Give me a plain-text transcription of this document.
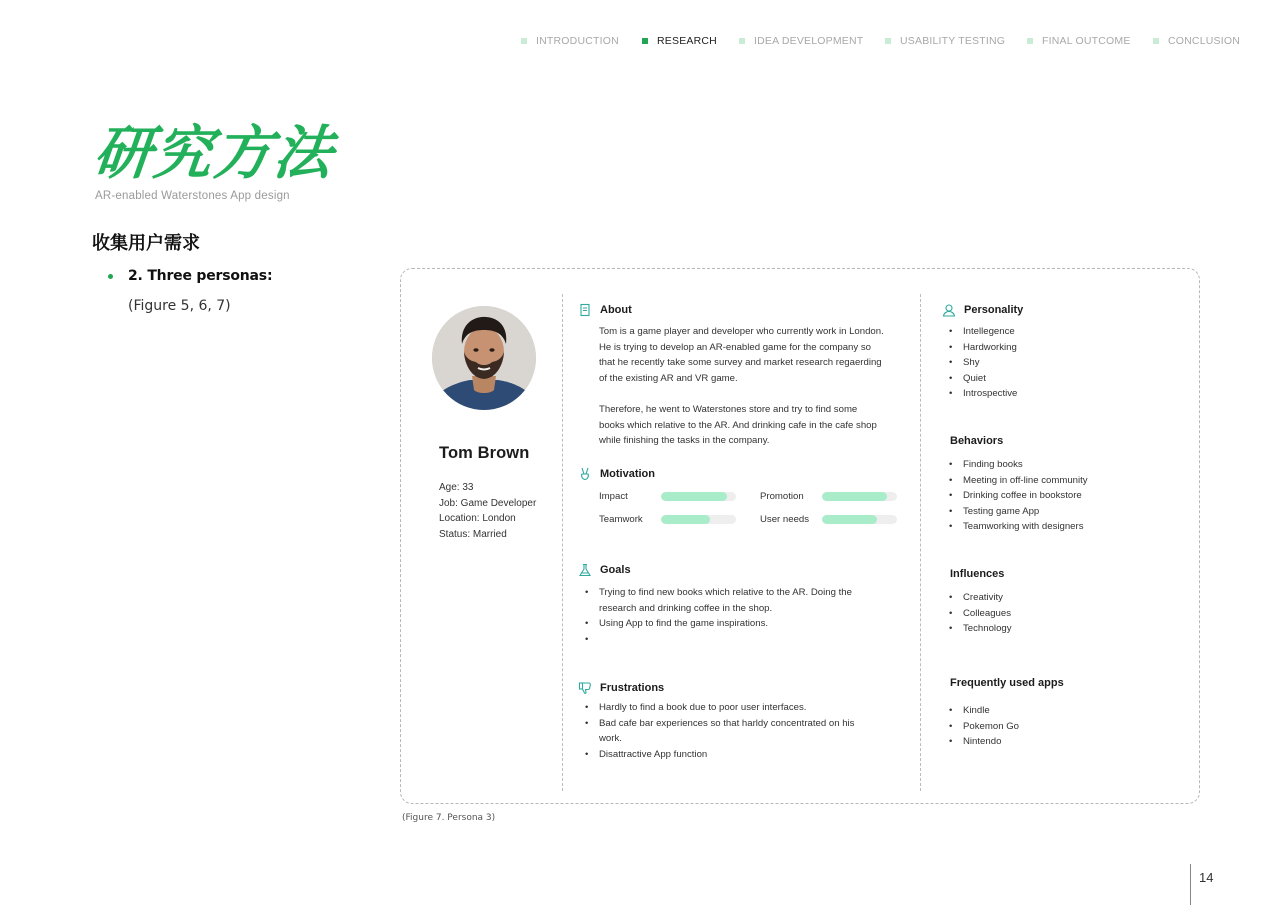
INTRODUCTION	RESEARCH	IDEA DEVELOPMENT	USABILITY TESTING	FINAL OUTCOME	CONCLUSION
研究方法
AR-enabled Waterstones App design
收集用户需求
2. Three personas:
(Figure 5, 6, 7)
Tom Brown
Age: 33
Job: Game Developer
Location: London
Status: Married
About
Tom is a game player and developer who currently work in London. He is trying to develop an AR-enabled game for the company so that he recently take some survey and market research regaerding of the existing AR and VR game.
Therefore, he went to Waterstones store and try to find some books which relative to the AR. And drinking cafe in the cafe shop while finishing the tasks in the company.
Motivation
Impact	Promotion
Teamwork	User needs
Goals
• Trying to find new books which relative to the AR. Doing the research and drinking coffee in the shop.
• Using App to find the game inspirations.
Frustrations
• Hardly to find a book due to poor user interfaces.
• Bad cafe bar experiences so that harldy concentrated on his work.
• Disattractive App function
Personality
• Intellegence
• Hardworking
• Shy
• Quiet
• Introspective
Behaviors
• Finding books
• Meeting in off-line community
• Drinking coffee in bookstore
• Testing game App
• Teamworking with designers
Influences
• Creativity
• Colleagues
• Technology
Frequently used apps
• Kindle
• Pokemon Go
• Nintendo
(Figure 7. Persona 3)
14
